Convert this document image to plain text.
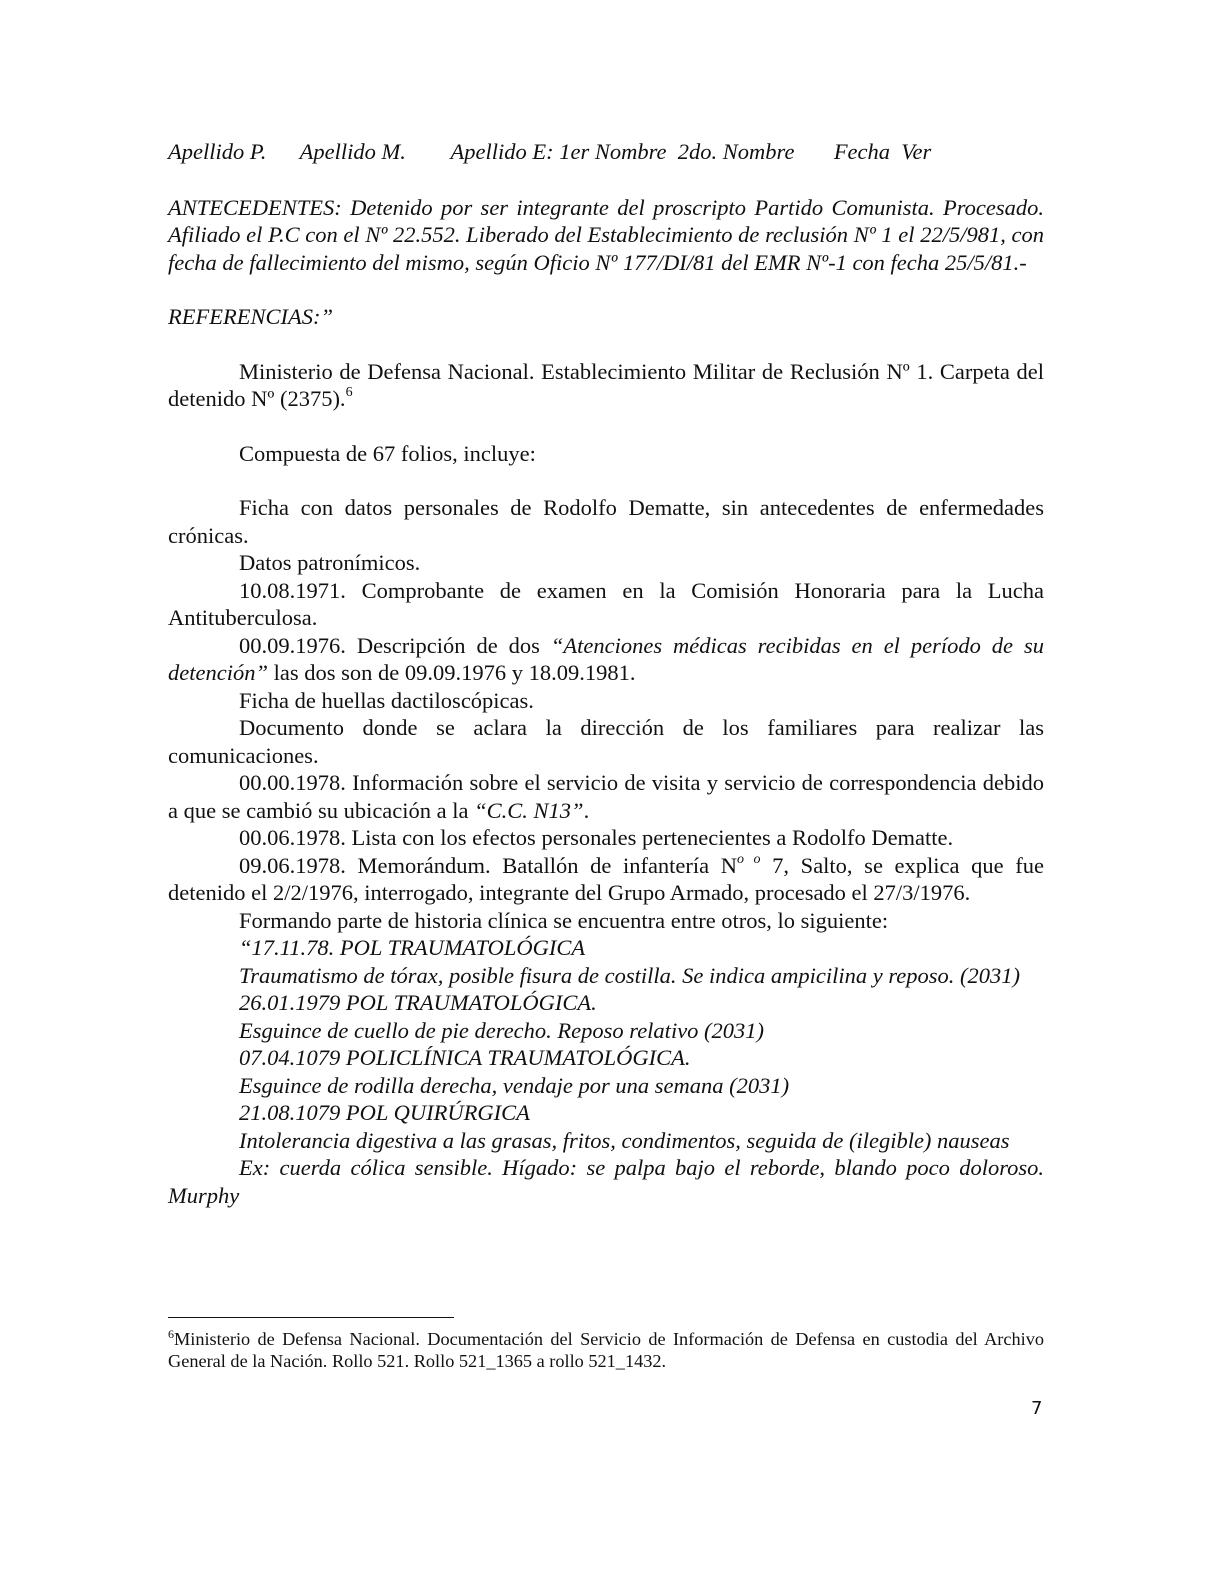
Apellido P. Apellido M. Apellido E: 1er Nombre 2do. Nombre Fecha Ver

ANTECEDENTES: Detenido por ser integrante del proscripto Partido Comunista. Procesado. Afiliado el P.C con el Nº 22.552. Liberado del Establecimiento de reclusión Nº 1 el 22/5/981, con fecha de fallecimiento del mismo, según Oficio Nº 177/DI/81 del EMR Nº-1 con fecha 25/5/81.-

REFERENCIAS:”

Ministerio de Defensa Nacional. Establecimiento Militar de Reclusión Nº 1. Carpeta del detenido Nº (2375).$^6$

Compuesta de 67 folios, incluye:

Ficha con datos personales de Rodolfo Dematte, sin antecedentes de enfermedades crónicas.

Datos patronímicos.

10.08.1971. Comprobante de examen en la Comisión Honoraria para la Lucha Antituberculosa.

00.09.1976. Descripción de dos “Atenciones médicas recibidas en el período de su detención” las dos son de 09.09.1976 y 18.09.1981.

Ficha de huellas dactiloscópicas.

Documento donde se aclara la dirección de los familiares para realizar las comunicaciones.

00.00.1978. Información sobre el servicio de visita y servicio de correspondencia debido a que se cambió su ubicación a la “C.C. N13”.

00.06.1978. Lista con los efectos personales pertenecientes a Rodolfo Dematte.

09.06.1978. Memorándum. Batallón de infantería $N^{o o}$ 7, Salto, se explica que fue detenido el 2/2/1976, interrogado, integrante del Grupo Armado, procesado el 27/3/1976.

Formando parte de historia clínica se encuentra entre otros, lo siguiente:

“17.11.78. POL TRAUMATOLÓGICA

Traumatismo de tórax, posible fisura de costilla. Se indica ampicilina y reposo. (2031)

26.01.1979 POL TRAUMATOLÓGICA.

Esguince de cuello de pie derecho. Reposo relativo (2031)

07.04.1079 POLICLÍNICA TRAUMATOLÓGICA.

Esguince de rodilla derecha, vendaje por una semana (2031)

21.08.1079 POL QUIRÚRGICA

Intolerancia digestiva a las grasas, fritos, condimentos, seguida de (ilegible) nauseas

Ex: cuerda cólica sensible. Hígado: se palpa bajo el reborde, blando poco doloroso. Murphy

$^6$Ministerio de Defensa Nacional. Documentación del Servicio de Información de Defensa en custodia del Archivo General de la Nación. Rollo 521. Rollo 521_1365 a rollo 521_1432.
7
